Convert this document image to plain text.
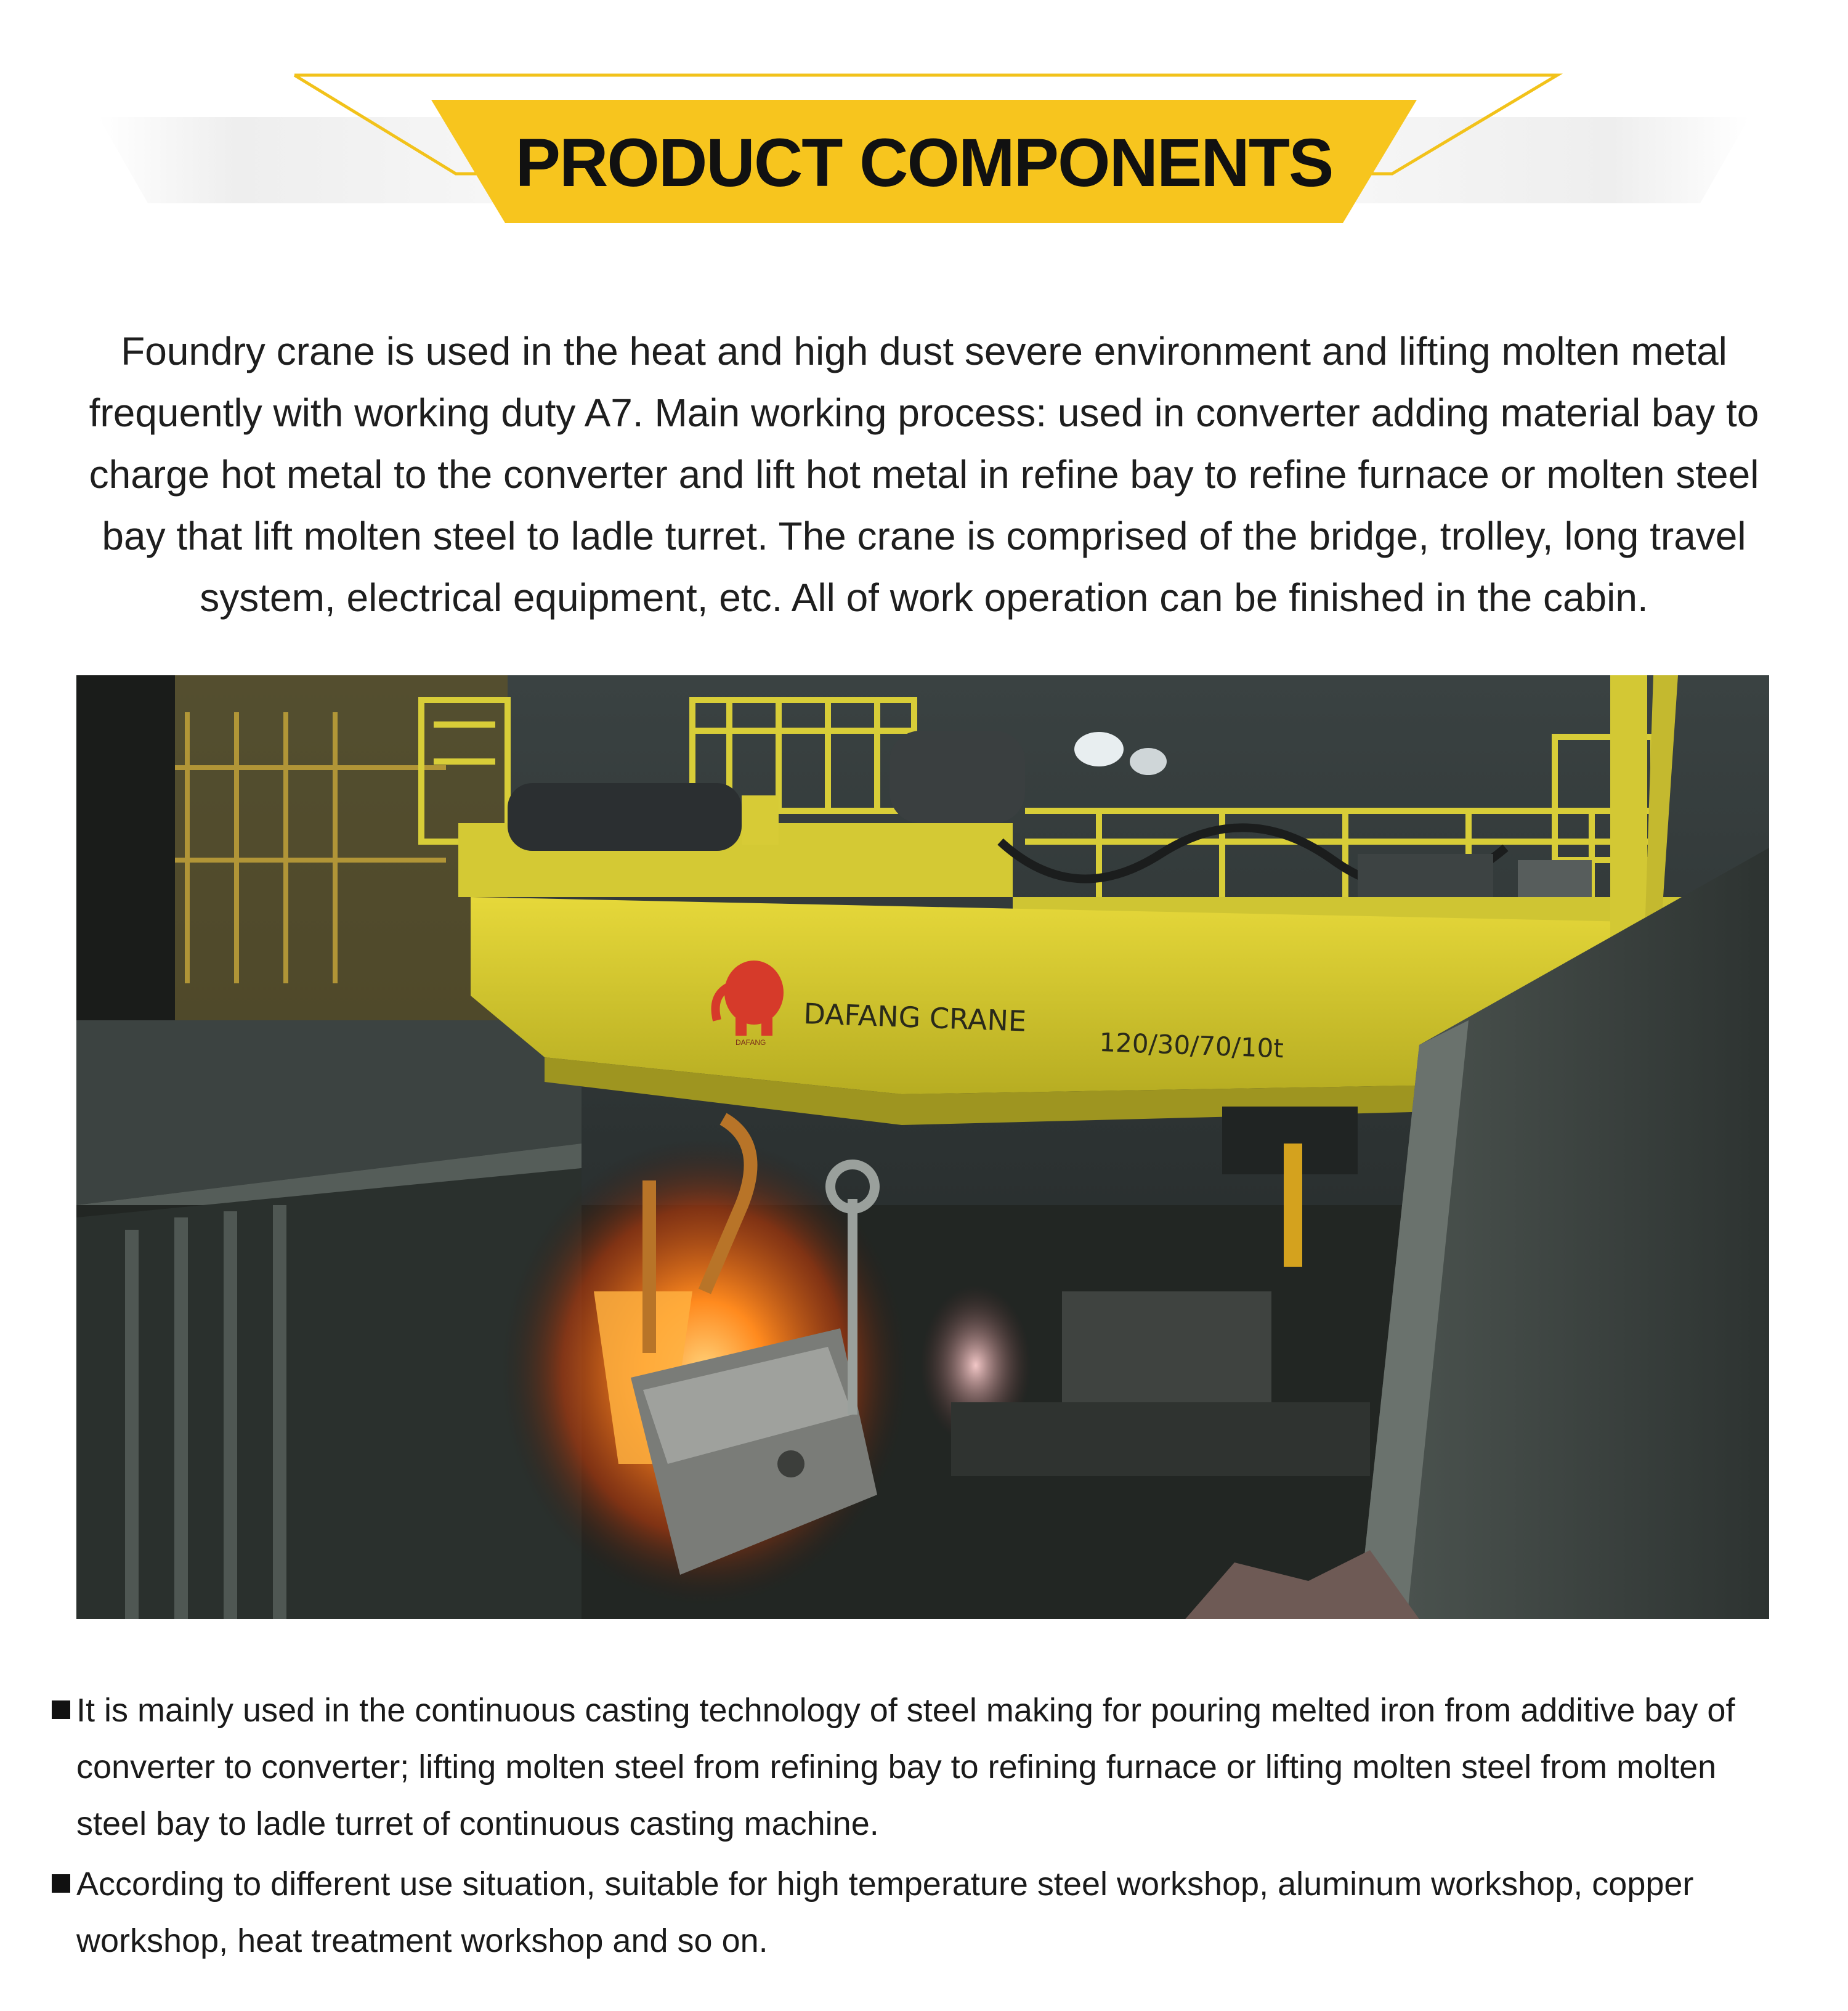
PRODUCT COMPONENTS
Foundry crane is used in the heat and high dust severe environment and lifting molten metal frequently with working duty A7. Main working process: used in converter adding material bay to charge hot metal to the converter and lift hot metal in refine bay to refine furnace or molten steel bay that lift molten steel to ladle turret. The crane is comprised of the bridge, trolley, long travel system, electrical equipment, etc. All of work operation can be finished in the cabin.
DAFANG
DAFANG CRANE
120/30/70/10t
It is mainly used in the continuous casting technology of steel making for pouring melted iron from additive bay of converter to converter; lifting molten steel from refining bay to refining furnace or lifting molten steel from molten steel bay to ladle turret of continuous casting machine.
According to different use situation, suitable for high temperature steel workshop, aluminum workshop, copper workshop, heat treatment workshop and so on.
